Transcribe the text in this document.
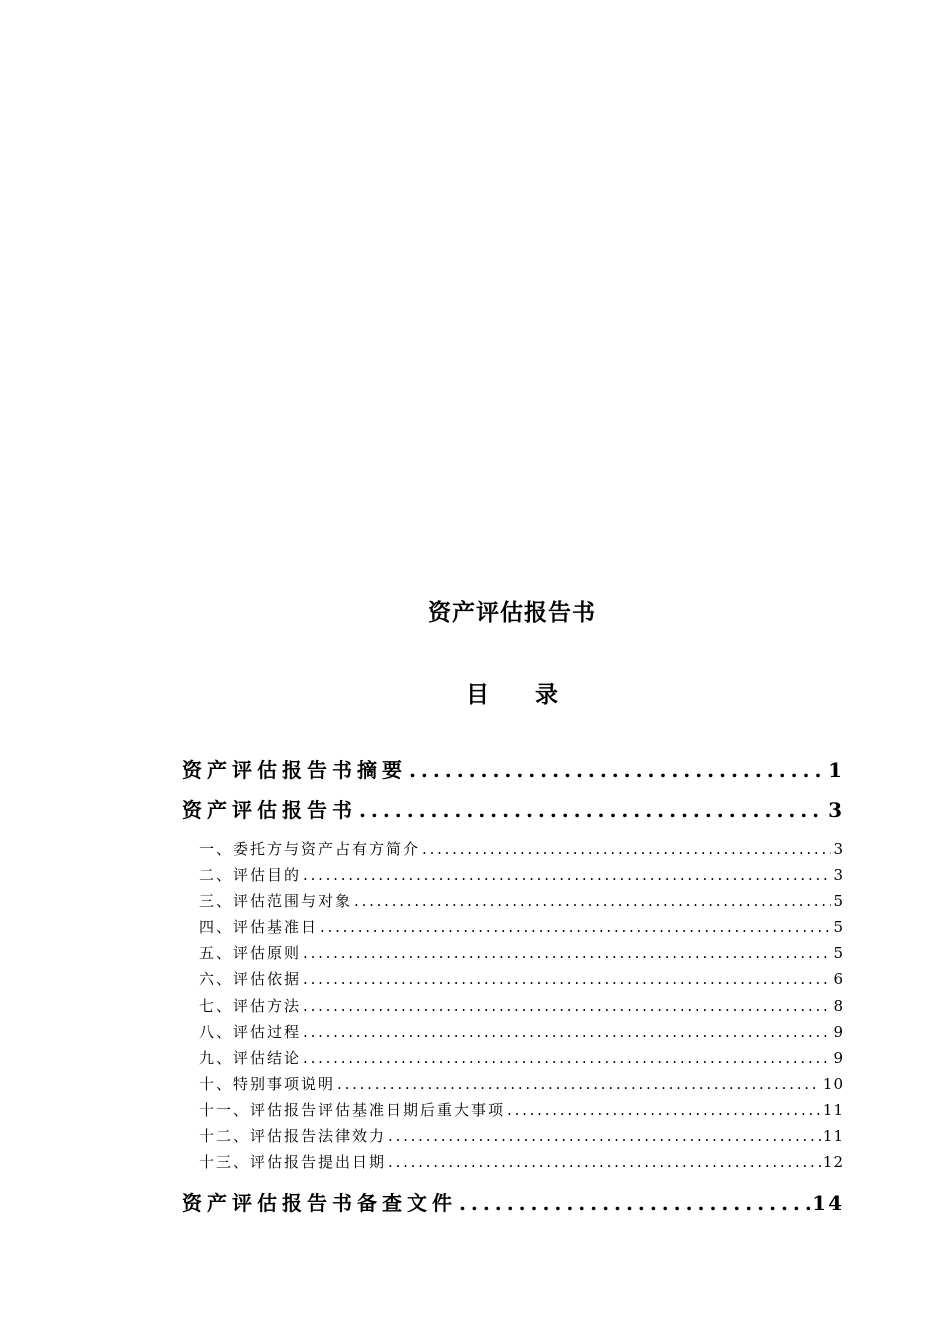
资产评估报告书
目 录
资产评估报告书摘要 . . .	1
资产评估报告书 . . .	3
一、 委托方与资产占有方简介 . . .	3
二、 评估目的 . . .	3
三、 评估范围与对象 . . .	5
四、 评估基准日 . . .	5
五、 评估原则 . . .	5
六、 评估依据 . . .	6
七、 评估方法 . . .	8
八、 评估过程 . . .	9
九、 评估结论 . . .	9
十、 特别事项说明 . . .	10
十一、 评估报告评估基准日期后重大事项 . . .	11
十二、 评估报告法律效力 . . .	11
十三、 评估报告提出日期 . . .	12
资产评估报告书备查文件 . . .	14
